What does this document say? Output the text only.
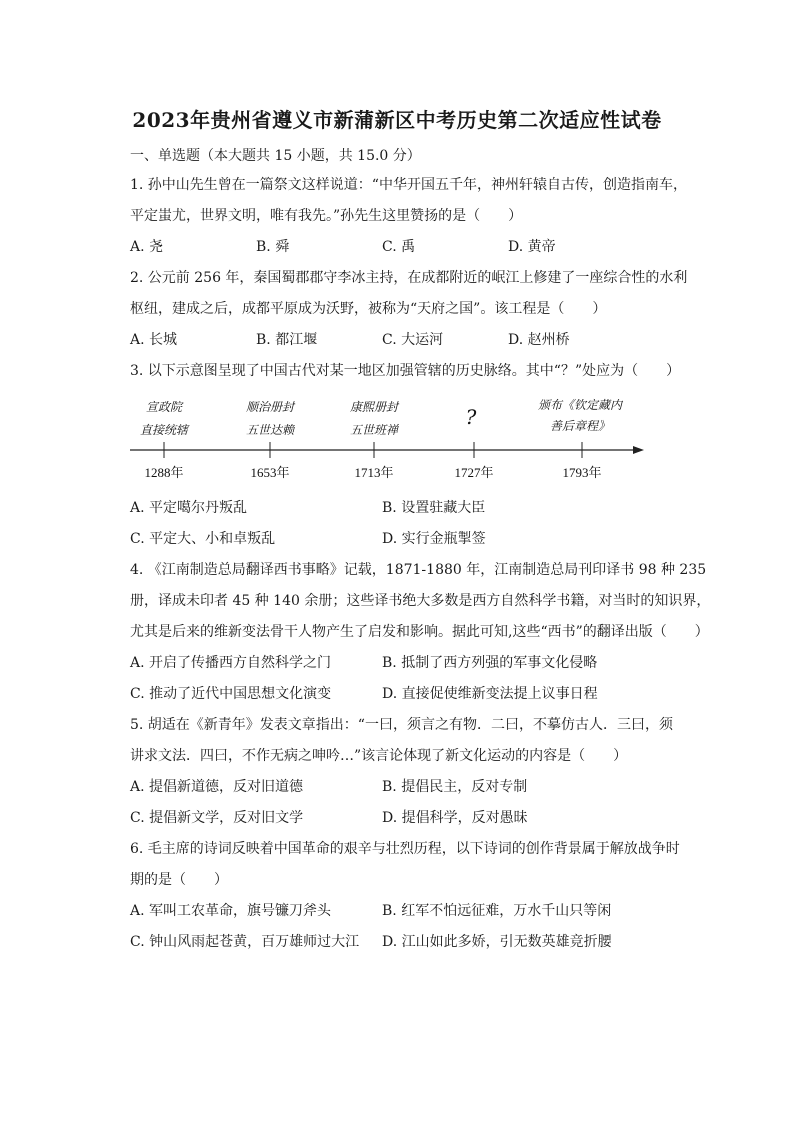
2023年贵州省遵义市新蒲新区中考历史第二次适应性试卷
一、单选题（本大题共 15 小题，共 15.0 分）
1. 孙中山先生曾在一篇祭文这样说道：“中华开国五千年，神州轩辕自古传，创造指南车，
平定蚩尤，世界文明，唯有我先。”孙先生这里赞扬的是（　　）
A. 尧	B. 舜	C. 禹	D. 黄帝
2. 公元前 256 年，秦国蜀郡郡守李冰主持，在成都附近的岷江上修建了一座综合性的水利
枢纽，建成之后，成都平原成为沃野，被称为“天府之国”。该工程是（　　）
A. 长城	B. 都江堰	C. 大运河	D. 赵州桥
3. 以下示意图呈现了中国古代对某一地区加强管辖的历史脉络。其中“？”处应为（　　）
宣政院
直接统辖
1288年
顺治册封
五世达赖
1653年
康熙册封
五世班禅
1713年
?
1727年
颁布《钦定藏内
善后章程》
1793年
A. 平定噶尔丹叛乱	B. 设置驻藏大臣
C. 平定大、小和卓叛乱	D. 实行金瓶掣签
4. 《江南制造总局翻译西书事略》记载，1871-1880 年，江南制造总局刊印译书 98 种 235
册，译成未印者 45 种 140 余册；这些译书绝大多数是西方自然科学书籍，对当时的知识界，
尤其是后来的维新变法骨干人物产生了启发和影响。据此可知,这些“西书”的翻译出版（　　）
A. 开启了传播西方自然科学之门	B. 抵制了西方列强的军事文化侵略
C. 推动了近代中国思想文化演变	D. 直接促使维新变法提上议事日程
5. 胡适在《新青年》发表文章指出：“一曰，须言之有物．二曰，不摹仿古人．三曰，须
讲求文法．四曰，不作无病之呻吟…”该言论体现了新文化运动的内容是（　　）
A. 提倡新道德，反对旧道德	B. 提倡民主，反对专制
C. 提倡新文学，反对旧文学	D. 提倡科学，反对愚昧
6. 毛主席的诗词反映着中国革命的艰辛与壮烈历程，以下诗词的创作背景属于解放战争时
期的是（　　）
A. 军叫工农革命，旗号镰刀斧头	B. 红军不怕远征难，万水千山只等闲
C. 钟山风雨起苍黄，百万雄师过大江 D. 江山如此多娇，引无数英雄竞折腰
